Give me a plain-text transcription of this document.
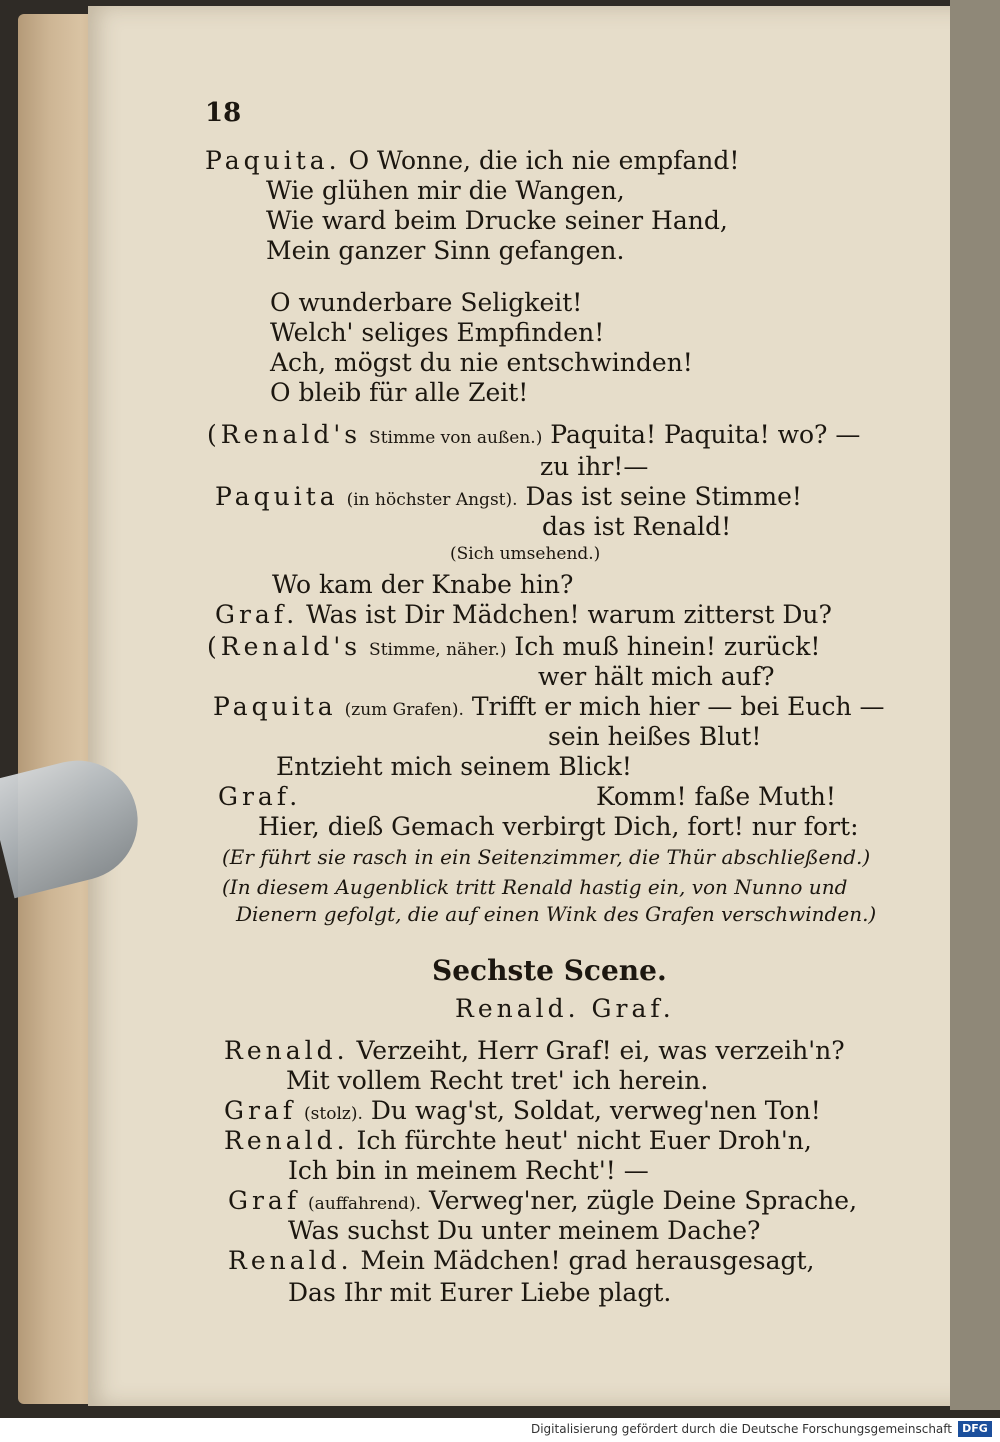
18
Paquita. O Wonne, die ich nie empfand!
Wie glühen mir die Wangen,
Wie ward beim Drucke seiner Hand,
Mein ganzer Sinn gefangen.
O wunderbare Seligkeit!
Welch' seliges Empfinden!
Ach, mögst du nie entschwinden!
O bleib für alle Zeit!
(Renald's Stimme von außen.) Paquita! Paquita! wo? —
zu ihr!—
Paquita (in höchster Angst). Das ist seine Stimme!
das ist Renald!
(Sich umsehend.)
Wo kam der Knabe hin?
Graf. Was ist Dir Mädchen! warum zitterst Du?
(Renald's Stimme, näher.) Ich muß hinein! zurück!
wer hält mich auf?
Paquita (zum Grafen). Trifft er mich hier — bei Euch —
sein heißes Blut!
Entzieht mich seinem Blick!
Graf.	Komm! faße Muth!
Hier, dieß Gemach verbirgt Dich, fort! nur fort:
(Er führt sie rasch in ein Seitenzimmer, die Thür abschließend.)
(In diesem Augenblick tritt Renald hastig ein, von Nunno und
Dienern gefolgt, die auf einen Wink des Grafen verschwinden.)
Sechste Scene.
Renald. Graf.
Renald. Verzeiht, Herr Graf! ei, was verzeih'n?
Mit vollem Recht tret' ich herein.
Graf (stolz). Du wag'st, Soldat, verweg'nen Ton!
Renald. Ich fürchte heut' nicht Euer Droh'n,
Ich bin in meinem Recht'! —
Graf (auffahrend). Verweg'ner, zügle Deine Sprache,
Was suchst Du unter meinem Dache?
Renald. Mein Mädchen! grad herausgesagt,
Das Ihr mit Eurer Liebe plagt.
Digitalisierung gefördert durch die Deutsche Forschungsgemeinschaft DFG
